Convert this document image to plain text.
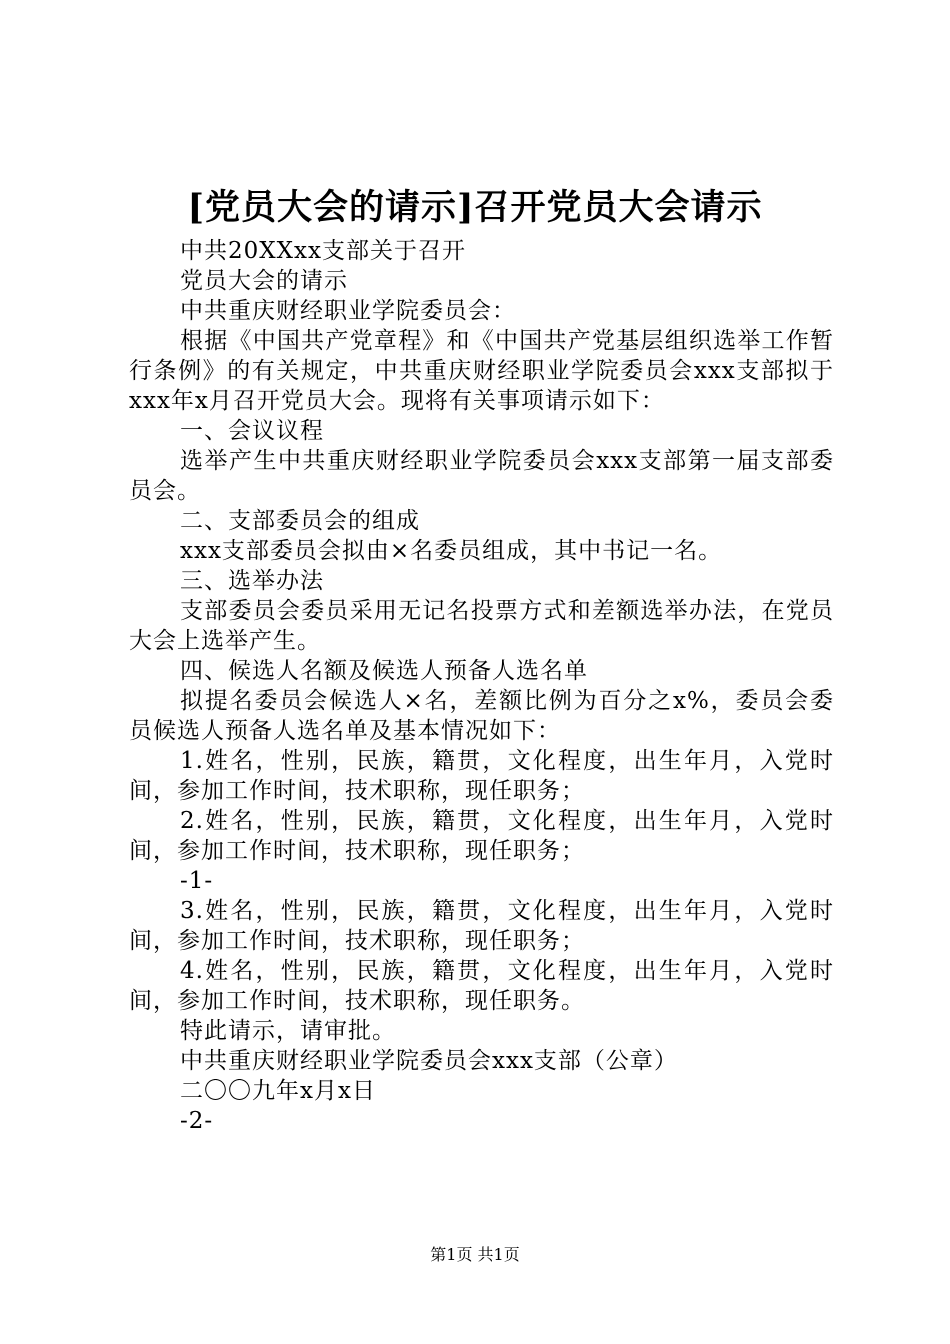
[党员大会的请示]召开党员大会请示

中共20XXxx支部关于召开

党员大会的请示

中共重庆财经职业学院委员会：

根据《中国共产党章程》和《中国共产党基层组织选举工作暂行条例》的有关规定，中共重庆财经职业学院委员会xxx支部拟于xxx年x月召开党员大会。现将有关事项请示如下：

一、会议议程

选举产生中共重庆财经职业学院委员会xxx支部第一届支部委员会。

二、支部委员会的组成

xxx支部委员会拟由×名委员组成，其中书记一名。

三、选举办法

支部委员会委员采用无记名投票方式和差额选举办法，在党员大会上选举产生。

四、候选人名额及候选人预备人选名单

拟提名委员会候选人×名，差额比例为百分之x%，委员会委员候选人预备人选名单及基本情况如下：

1.姓名，性别，民族，籍贯，文化程度，出生年月，入党时间，参加工作时间，技术职称，现任职务；

2.姓名，性别，民族，籍贯，文化程度，出生年月，入党时间，参加工作时间，技术职称，现任职务；

-1-

3.姓名，性别，民族，籍贯，文化程度，出生年月，入党时间，参加工作时间，技术职称，现任职务；

4.姓名，性别，民族，籍贯，文化程度，出生年月，入党时间，参加工作时间，技术职称，现任职务。

特此请示，请审批。

中共重庆财经职业学院委员会xxx支部（公章）

二〇〇九年x月x日

-2-

第1页 共1页
